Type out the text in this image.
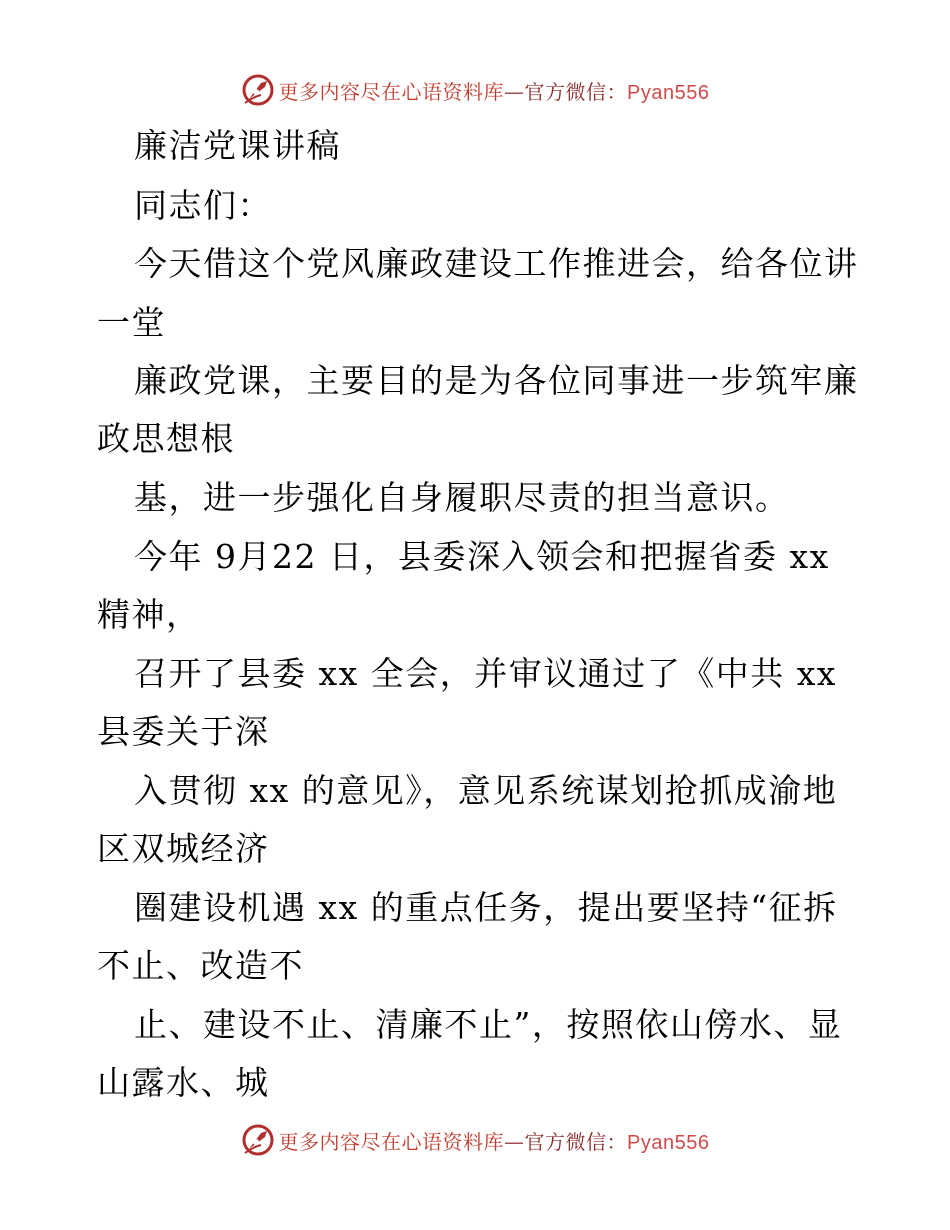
更多内容尽在心语资料库—官方微信：Pyan556
廉洁党课讲稿
同志们：
今天借这个党风廉政建设工作推进会，给各位讲
一堂
廉政党课，主要目的是为各位同事进一步筑牢廉
政思想根
基，进一步强化自身履职尽责的担当意识。
今年 9月22 日，县委深入领会和把握省委 xx
精神，
召开了县委 xx 全会，并审议通过了《中共 xx
县委关于深
入贯彻 xx 的意见》，意见系统谋划抢抓成渝地
区双城经济
圈建设机遇 xx 的重点任务，提出要坚持“征拆
不止、改造不
止、建设不止、清廉不止”，按照依山傍水、显
山露水、城
更多内容尽在心语资料库—官方微信：Pyan556
